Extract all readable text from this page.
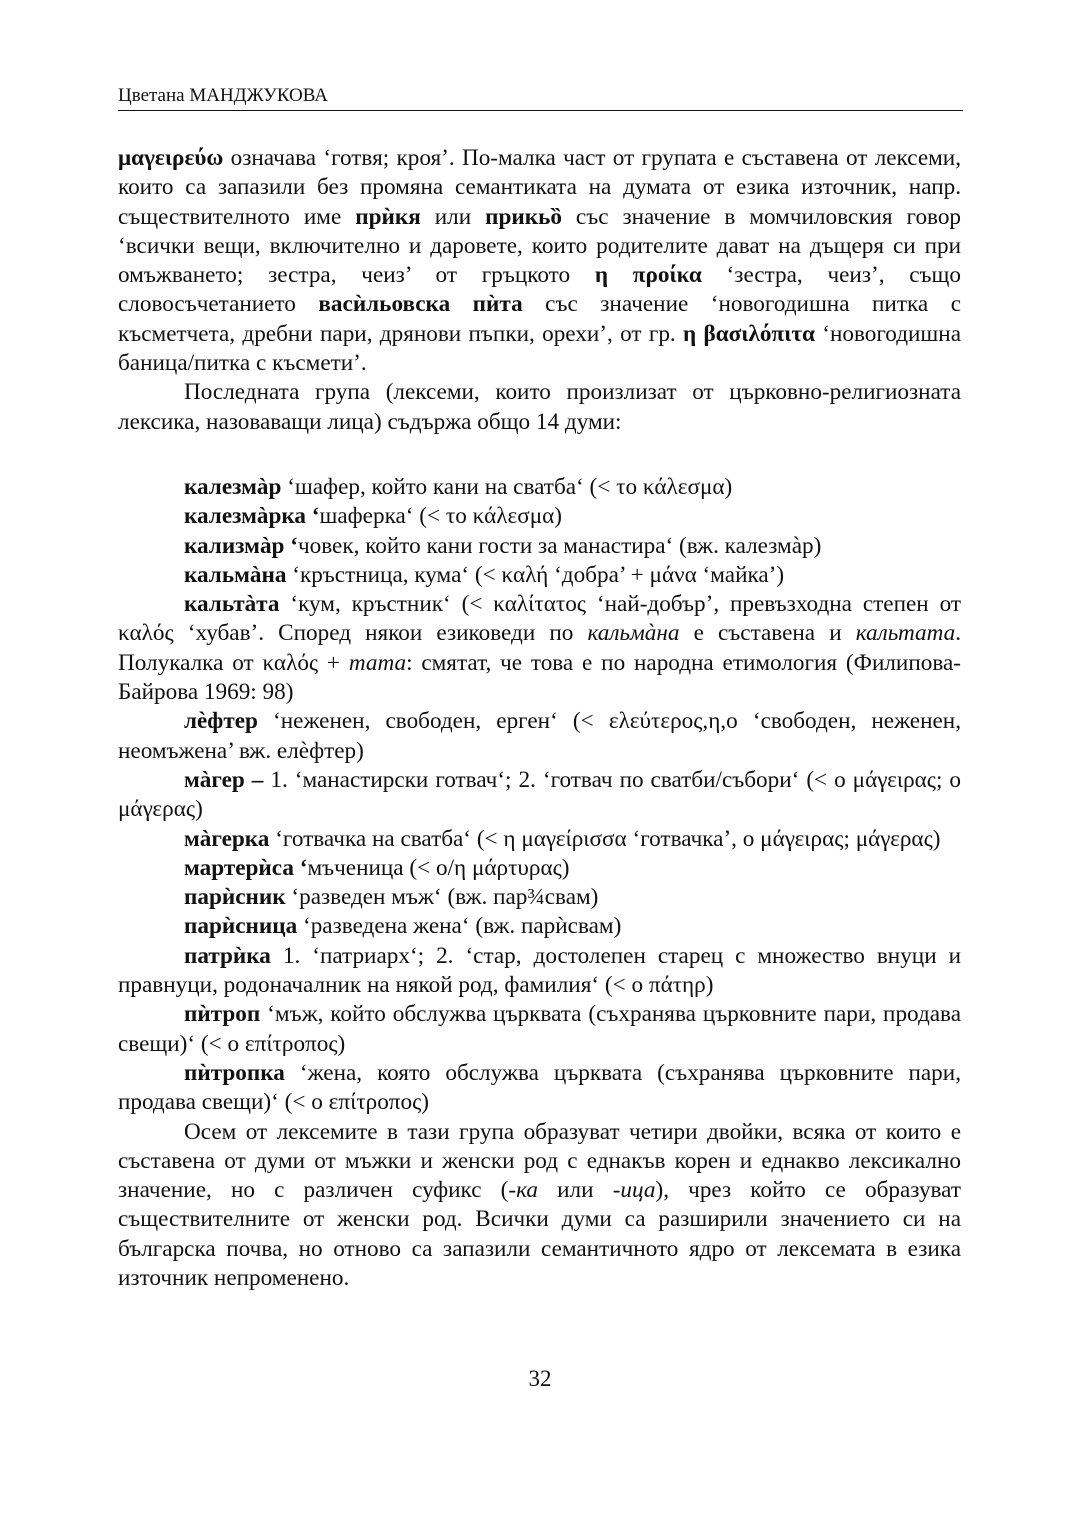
Цветана МАНДЖУКОВА

μαγειρεύω означава ‘готвя; кроя’. По-малка част от групата е съставена от лексеми, които са запазили без промяна семантиката на думата от езика източник, напр. съществителното име прѝкя или прикьȍ със значение в момчиловския говор ‘всички вещи, включително и даровете, които родителите дават на дъщеря си при омъжването; зестра, чеиз’ от гръцкото η προίκα ‘зестра, чеиз’, също словосъчетанието васѝльовска пѝта със значение ‘новогодишна питка с късметчета, дребни пари, дрянови пъпки, орехи’, от гр. η βασιλόπιτα ‘новогодишна баница/питка с късмети’.

Последната група (лексеми, които произлизат от църковно-религиозната лексика, назоваващи лица) съдържа общо 14 думи:

калезмàр ‘шафер, който кани на сватба‘ (< το κάλεσμα)

калезмàрка ‘шаферка‘ (< το κάλεσμα)

кализмàр ‘човек, който кани гости за манастира‘ (вж. калезмàр)

кальмàна ‘кръстница, кума‘ (< καλή ‘добра’ + μάνα ‘майка’)

кальтàта ‘кум, кръстник‘ (< καλίτατος ‘най-добър’, превъзходна степен от καλός ‘хубав’. Според някои езиковеди по кальмàна е съставена и кальтата. Полукалка от καλός + тата: смятат, че това е по народна етимология (Филипова-Байрова 1969: 98)

лѐфтер ‘неженен, свободен, ерген‘ (< ελεύτερος,η,ο ‘свободен, неженен, неомъжена’ вж. елѐфтер)

мàгер – 1. ‘манастирски готвач‘; 2. ‘готвач по сватби/събори‘ (< ο μάγειρας; ο μάγερας)

мàгерка ‘готвачка на сватба‘ (< η μαγείρισσα ‘готвачка’, ο μάγειρας; μάγερας)

мартерѝса ‘мъченица (< ο/η μάρτυρας)

парѝсник ‘разведен мъж‘ (вж. пар¾свам)

парѝсница ‘разведена жена‘ (вж. парѝсвам)

патрѝка 1. ‘патриарх‘; 2. ‘стар, достолепен старец с множество внуци и правнуци, родоначалник на някой род, фамилия‘ (< ο πάτηρ)

пѝтроп ‘мъж, който обслужва църквата (съхранява църковните пари, продава свещи)‘ (< ο επίτροπος)

пѝтропка ‘жена, която обслужва църквата (съхранява църковните пари, продава свещи)‘ (< ο επίτροπος)

Осем от лексемите в тази група образуват четири двойки, всяка от които е съставена от думи от мъжки и женски род с еднакъв корен и еднакво лексикално значение, но с различен суфикс (-ка или -ица), чрез който се образуват съществителните от женски род. Всички думи са разширили значението си на българска почва, но отново са запазили семантичното ядро от лексемата в езика източник непроменено.

32
